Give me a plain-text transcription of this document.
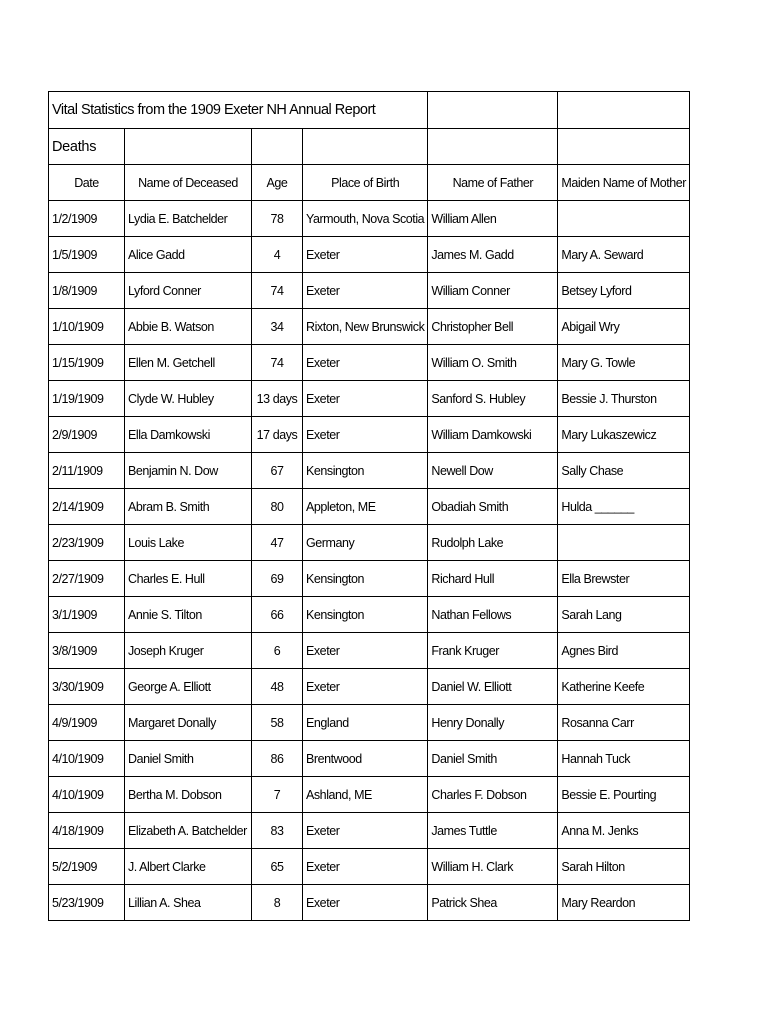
Vital Statistics from the 1909 Exeter NH Annual Report					
Deaths					
Date	Name of Deceased	Age	Place of Birth	Name of Father	Maiden Name of Mother
1/2/1909	Lydia E. Batchelder	78	Yarmouth, Nova Scotia	William Allen	
1/5/1909	Alice Gadd	4	Exeter	James M. Gadd	Mary A. Seward
1/8/1909	Lyford Conner	74	Exeter	William Conner	Betsey Lyford
1/10/1909	Abbie B. Watson	34	Rixton, New Brunswick	Christopher Bell	Abigail Wry
1/15/1909	Ellen M. Getchell	74	Exeter	William O. Smith	Mary G. Towle
1/19/1909	Clyde W. Hubley	13 days	Exeter	Sanford S. Hubley	Bessie J. Thurston
2/9/1909	Ella Damkowski	17 days	Exeter	William Damkowski	Mary Lukaszewicz
2/11/1909	Benjamin N. Dow	67	Kensington	Newell Dow	Sally Chase
2/14/1909	Abram B. Smith	80	Appleton, ME	Obadiah Smith	Hulda ______
2/23/1909	Louis Lake	47	Germany	Rudolph Lake	
2/27/1909	Charles E. Hull	69	Kensington	Richard Hull	Ella Brewster
3/1/1909	Annie S. Tilton	66	Kensington	Nathan Fellows	Sarah Lang
3/8/1909	Joseph Kruger	6	Exeter	Frank Kruger	Agnes Bird
3/30/1909	George A. Elliott	48	Exeter	Daniel W. Elliott	Katherine Keefe
4/9/1909	Margaret Donally	58	England	Henry Donally	Rosanna Carr
4/10/1909	Daniel Smith	86	Brentwood	Daniel Smith	Hannah Tuck
4/10/1909	Bertha M. Dobson	7	Ashland, ME	Charles F. Dobson	Bessie E. Pourting
4/18/1909	Elizabeth A. Batchelder	83	Exeter	James Tuttle	Anna M. Jenks
5/2/1909	J. Albert Clarke	65	Exeter	William H. Clark	Sarah Hilton
5/23/1909	Lillian A. Shea	8	Exeter	Patrick Shea	Mary Reardon
